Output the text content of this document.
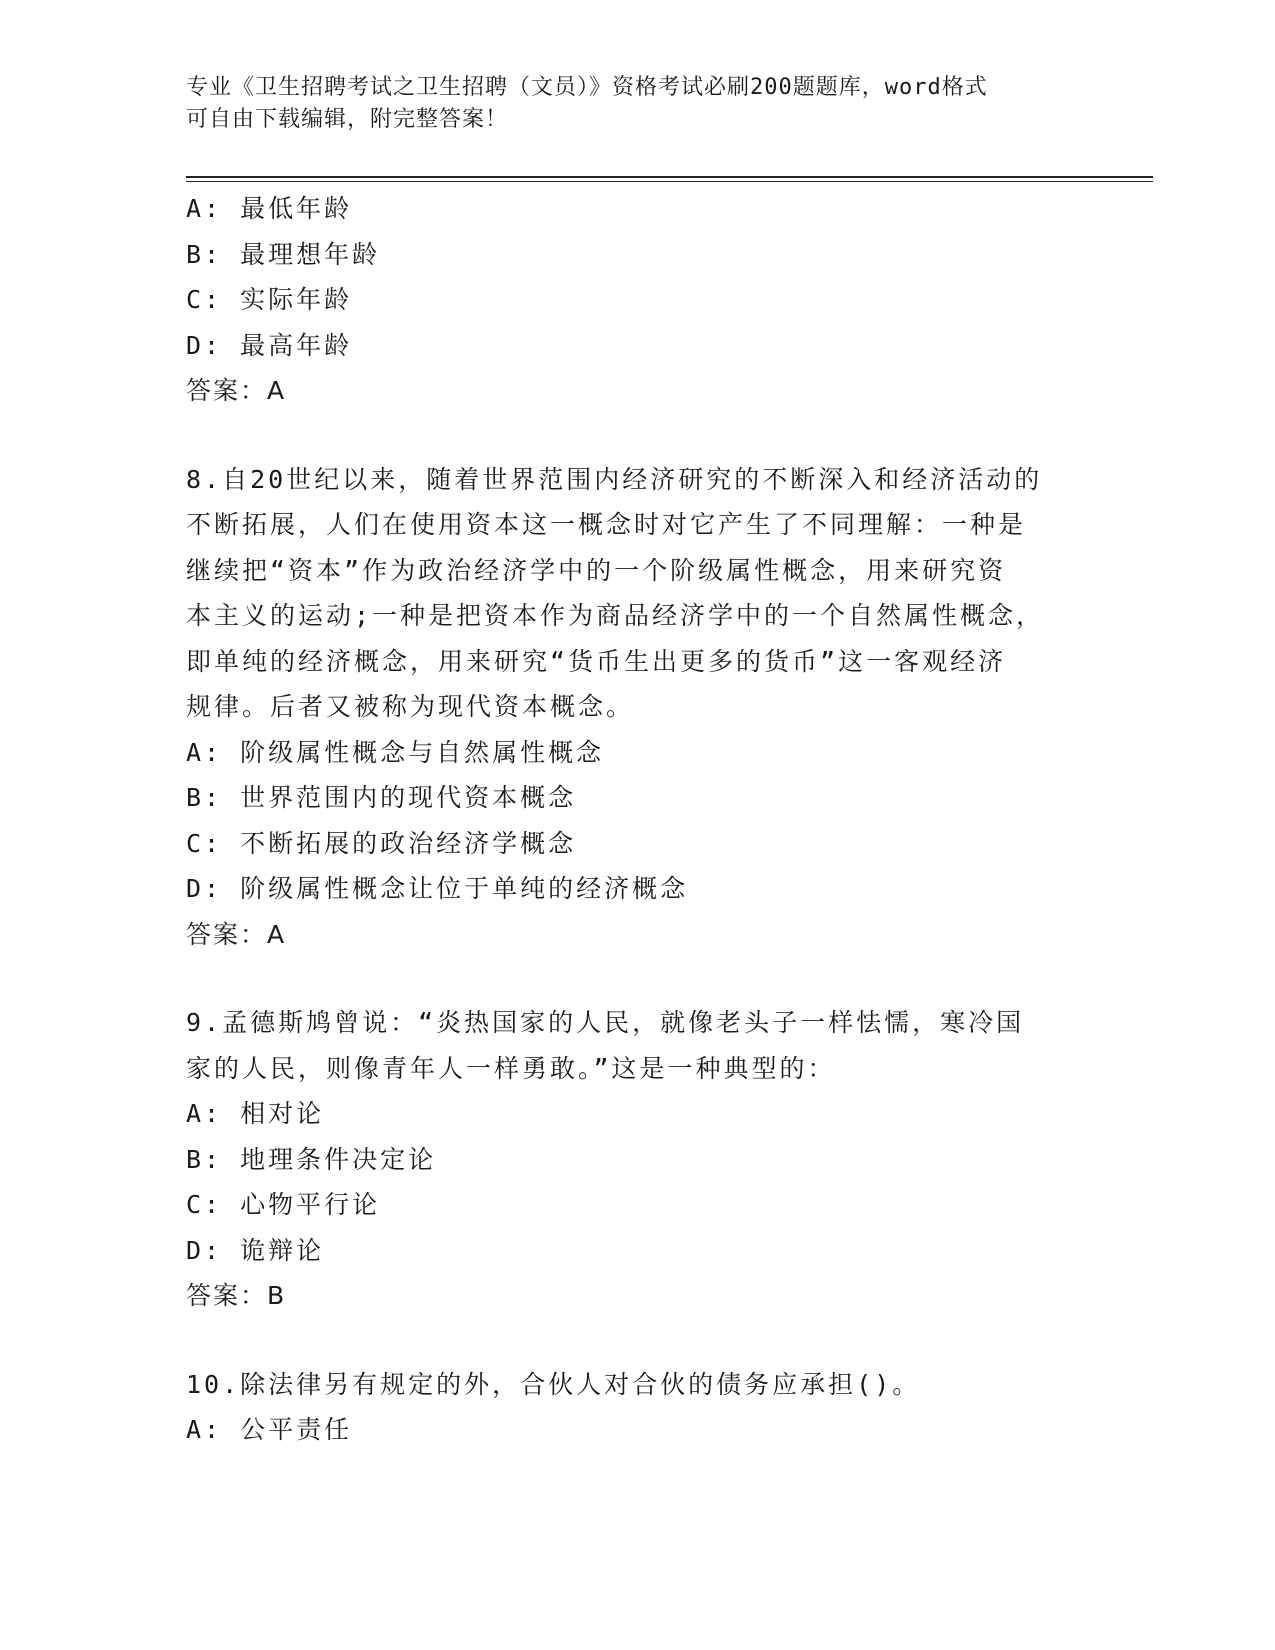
专业《卫生招聘考试之卫生招聘（文员）》资格考试必刷200题题库，word格式
可自由下载编辑，附完整答案！
A: 最低年龄
B: 最理想年龄
C: 实际年龄
D: 最高年龄
答案：A
8.自20世纪以来，随着世界范围内经济研究的不断深入和经济活动的
不断拓展，人们在使用资本这一概念时对它产生了不同理解：一种是
继续把“资本”作为政治经济学中的一个阶级属性概念，用来研究资
本主义的运动;一种是把资本作为商品经济学中的一个自然属性概念，
即单纯的经济概念，用来研究“货币生出更多的货币”这一客观经济
规律。后者又被称为现代资本概念。
A: 阶级属性概念与自然属性概念
B: 世界范围内的现代资本概念
C: 不断拓展的政治经济学概念
D: 阶级属性概念让位于单纯的经济概念
答案：A
9.孟德斯鸠曾说：“炎热国家的人民，就像老头子一样怯懦，寒冷国
家的人民，则像青年人一样勇敢。”这是一种典型的：
A: 相对论
B: 地理条件决定论
C: 心物平行论
D: 诡辩论
答案：B
10.除法律另有规定的外，合伙人对合伙的债务应承担()。
A: 公平责任
